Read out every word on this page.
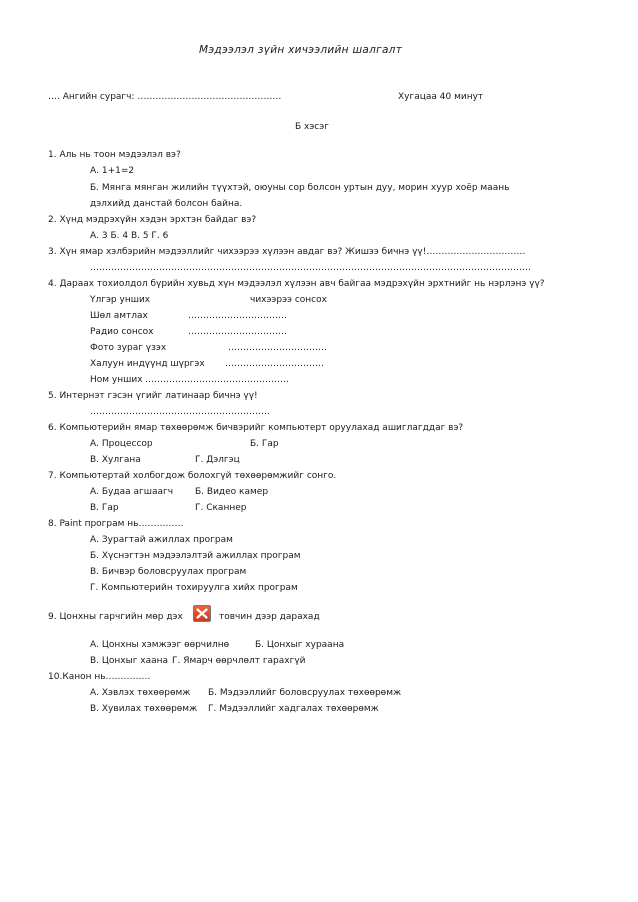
Мэдээлэл зүйн хичээлийн шалгалт
…. Ангийн сурагч: …………………………………………	Хугацаа 40 минут
Б хэсэг
1. Аль нь тоон мэдээлэл вэ?
А. 1+1=2
Б. Мянга мянган жилийн түүхтэй, оюуны сор болсон уртын дуу, морин хуур хоёр маань
дэлхийд данстай болсон байна.
2. Хүнд мэдрэхүйн хэдэн эрхтэн байдаг вэ?
А. 3 Б. 4 В. 5 Г. 6
3. Хүн ямар хэлбэрийн мэдээллийг чихээрээ хүлээн авдаг вэ? Жишээ бичнэ үү!……………………………
…………………………………………………………………………………………………………………………………
4. Дараах тохиолдол бүрийн хувьд хүн мэдээлэл хүлээн авч байгаа мэдрэхүйн эрхтнийг нь нэрлэнэ үү?
Үлгэр унших	чихээрээ сонсох
Шөл амтлах	……………………………
Радио сонсох	……………………………
Фото зураг үзэх	……………………………
Халуун индүүнд шүргэх ……………………………
Ном унших …………………………………………
5. Интернэт гэсэн үгийг латинаар бичнэ үү!
……………………………………………………
6. Компьютерийн ямар төхөөрөмж бичвэрийг компьютерт оруулахад ашиглагддаг вэ?
А. Процессор	Б. Гар
В. Хулгана	Г. Дэлгэц
7. Компьютертай холбогдож болохгүй төхөөрөмжийг сонго.
А. Будаа агшаагч Б. Видео камер
В. Гар	Г. Сканнер
8. Paint програм нь……………
А. Зурагтай ажиллах програм
Б. Хүснэгтэн мэдээлэлтэй ажиллах програм
В. Бичвэр боловсруулах програм
Г. Компьютерийн тохируулга хийх програм
9. Цонхны гарчгийн мөр дэх	товчин дээр дарахад
А. Цонхны хэмжээг өөрчилнө	Б. Цонхыг хураана
В. Цонхыг хаана Г. Ямарч өөрчлөлт гарахгүй
10.Канон нь……………
А. Хэвлэх төхөөрөмж Б. Мэдээллийг боловсруулах төхөөрөмж
В. Хувилах төхөөрөмж Г. Мэдээллийг хадгалах төхөөрөмж
